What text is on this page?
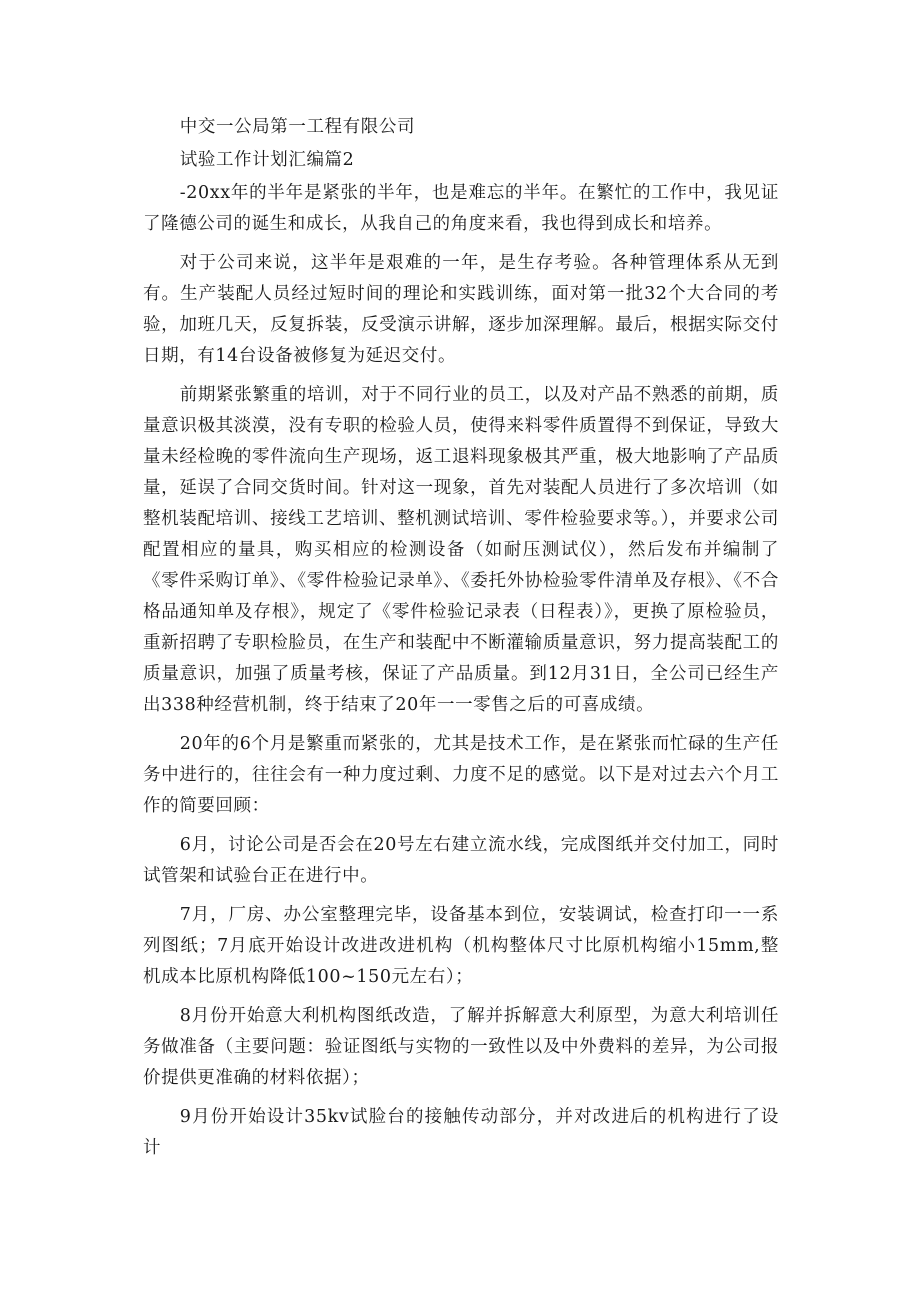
中交一公局第一工程有限公司

试验工作计划汇编篇2

-20xx年的半年是紧张的半年，也是难忘的半年。在繁忙的工作中，我见证了隆德公司的诞生和成长，从我自己的角度来看，我也得到成长和培养。

对于公司来说，这半年是艰难的一年，是生存考验。各种管理体系从无到有。生产装配人员经过短时间的理论和实践训练，面对第一批32个大合同的考验，加班几天，反复拆装，反受演示讲解，逐步加深理解。最后，根据实际交付日期，有14台设备被修复为延迟交付。

前期紧张繁重的培训，对于不同行业的员工，以及对产品不熟悉的前期，质量意识极其淡漠，没有专职的检验人员，使得来料零件质置得不到保证，导致大量未经检晚的零件流向生产现场，返工退料现象极其严重，极大地影响了产品质量，延误了合同交货时间。针对这一现象，首先对装配人员进行了多次培训（如整机装配培训、接线工艺培训、整机测试培训、零件检验要求等。），并要求公司配置相应的量具，购买相应的检测设备（如耐压测试仪），然后发布并编制了《零件采购订单》、《零件检验记录单》、《委托外协检验零件清单及存根》、《不合格品通知单及存根》，规定了《零件检验记录表（日程表）》，更换了原检验员，重新招聘了专职检脸员，在生产和装配中不断灌输质量意识，努力提高装配工的质量意识，加强了质量考核，保证了产品质量。到12月31日，全公司已经生产出338种经营机制，终于结束了20年一一零售之后的可喜成绩。

20年的6个月是繁重而紧张的，尤其是技术工作，是在紧张而忙碌的生产任务中进行的，往往会有一种力度过剩、力度不足的感觉。以下是对过去六个月工作的简要回顾：

6月，讨论公司是否会在20号左右建立流水线，完成图纸并交付加工，同时试管架和试验台正在进行中。

7月，厂房、办公室整理完毕，设备基本到位，安装调试，检查打印一一系列图纸；7月底开始设计改进改进机构（机构整体尺寸比原机构缩小15mm,整机成本比原机构降低100~150元左右）；

8月份开始意大利机构图纸改造，了解并拆解意大利原型，为意大利培训任务做准备（主要问题：验证图纸与实物的一致性以及中外费料的差异，为公司报价提供更准确的材料依据）；

9月份开始设计35kv试脸台的接触传动部分，并对改进后的机构进行了设计
